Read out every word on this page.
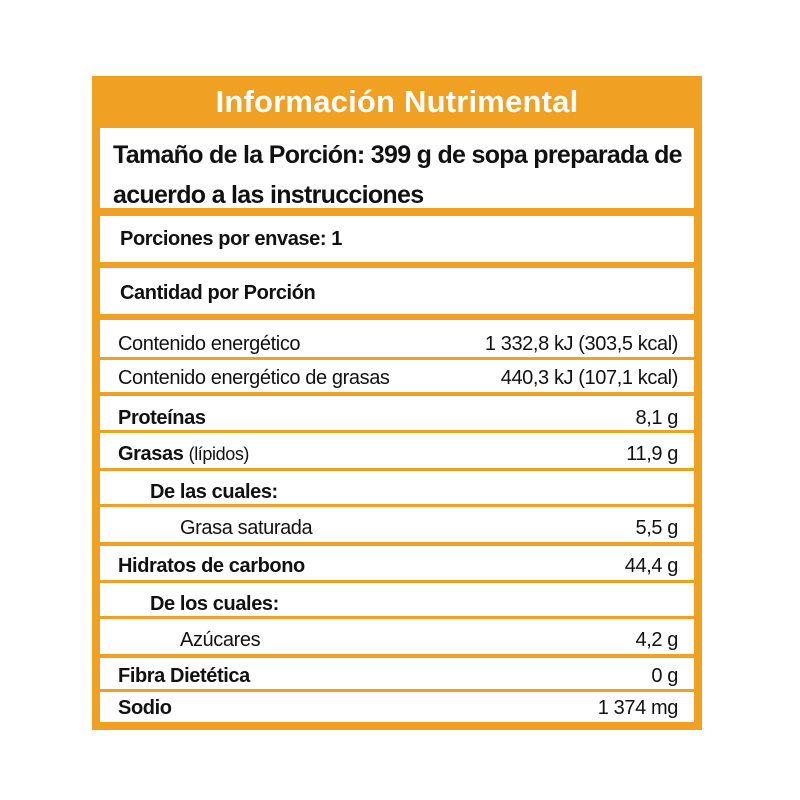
Información Nutrimental
Tamaño de la Porción: 399 g de sopa preparada de
acuerdo a las instrucciones
Porciones por envase: 1
Cantidad por Porción
Contenido energético	1 332,8 kJ (303,5 kcal)
Contenido energético de grasas	440,3 kJ (107,1 kcal)
Proteínas	8,1 g
Grasas (lípidos)	11,9 g
De las cuales:
Grasa saturada	5,5 g
Hidratos de carbono	44,4 g
De los cuales:
Azúcares	4,2 g
Fibra Dietética	0 g
Sodio	1 374 mg
